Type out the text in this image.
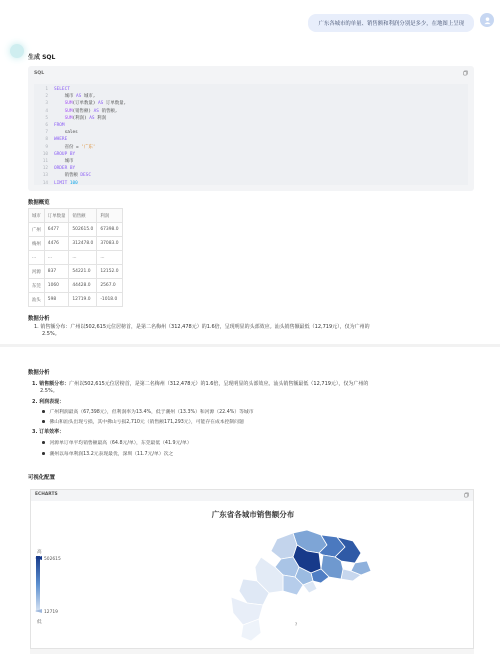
广东各城市的单量、销售额和利润分别是多少，在地图上呈现
生成 SQL
SQL
1 SELECT
2    城市 AS 城市,
3    SUM(订单数量) AS 订单数量,
4    SUM(销售额) AS 销售额,
5    SUM(利润) AS 利润
6 FROM
7    sales
8 WHERE
9    省份 = '广东'
10 GROUP BY
11    城市
12 ORDER BY
13    销售额 DESC
14 LIMIT 100
数据概览
城市	订单数量	销售额	利润
广州	6477	502615.0	67398.0
梅州	4476	312478.0	37083.0
...	...	...	...
河源	837	54221.0	12152.0
东莞	1060	44428.0	2567.0
汕头	598	12719.0	-1018.0
数据分析
1. 销售额分布：广州以502,615元位居榜首，是第二名梅州（312,478元）的1.6倍，呈现明显的头部效应。汕头销售额最低（12,719元），仅为广州的
2.5%。
数据分析
1. 销售额分布：广州以502,615元位居榜首，是第二名梅州（312,478元）的1.6倍，呈现明显的头部效应。汕头销售额最低（12,719元），仅为广州的
2.5%。
2. 利润表现：
广州利润最高（67,398元），但利润率为13.4%，低于潮州（13.3%）和河源（22.4%）等城市
佛山和汕头出现亏损，其中佛山亏损2,710元（销售额171,293元），可能存在成本控制问题
3. 订单效率：
河源单订单平均销售额最高（64.8元/单），东莞最低（41.9元/单）
潮州以每单利润13.2元表现最优，深圳（11.7元/单）次之
可视化配置
ECHARTS
广东省各城市销售额分布
高
502615
12719
低	?
